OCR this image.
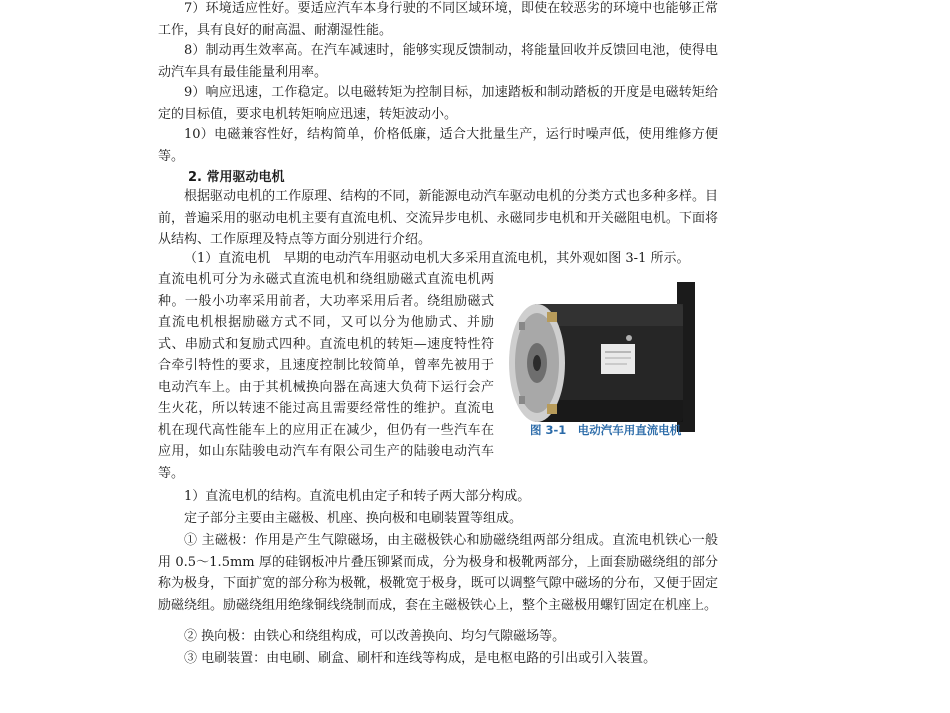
7）环境适应性好。要适应汽车本身行驶的不同区域环境，即使在较恶劣的环境中也能够正常工作，具有良好的耐高温、耐潮湿性能。

8）制动再生效率高。在汽车减速时，能够实现反馈制动，将能量回收并反馈回电池，使得电动汽车具有最佳能量利用率。

9）响应迅速，工作稳定。以电磁转矩为控制目标，加速踏板和制动踏板的开度是电磁转矩给定的目标值，要求电机转矩响应迅速，转矩波动小。

10）电磁兼容性好，结构简单，价格低廉，适合大批量生产，运行时噪声低，使用维修方便等。

2. 常用驱动电机

根据驱动电机的工作原理、结构的不同，新能源电动汽车驱动电机的分类方式也多种多样。目前，普遍采用的驱动电机主要有直流电机、交流异步电机、永磁同步电机和开关磁阻电机。下面将从结构、工作原理及特点等方面分别进行介绍。

（1）直流电机　早期的电动汽车用驱动电机大多采用直流电机，其外观如图 3-1 所示。

直流电机可分为永磁式直流电机和绕组励磁式直流电机两种。一般小功率采用前者，大功率采用后者。绕组励磁式直流电机根据励磁方式不同，又可以分为他励式、并励式、串励式和复励式四种。直流电机的转矩—速度特性符合牵引特性的要求，且速度控制比较简单，曾率先被用于电动汽车上。由于其机械换向器在高速大负荷下运行会产生火花，所以转速不能过高且需要经常性的维护。直流电机在现代高性能车上的应用正在减少，但仍有一些汽车在应用，如山东陆骏电动汽车有限公司生产的陆骏电动汽车等。

图 3-1　电动汽车用直流电机

1）直流电机的结构。直流电机由定子和转子两大部分构成。

定子部分主要由主磁极、机座、换向极和电刷装置等组成。

① 主磁极：作用是产生气隙磁场，由主磁极铁心和励磁绕组两部分组成。直流电机铁心一般用 0.5～1.5mm 厚的硅钢板冲片叠压铆紧而成，分为极身和极靴两部分，上面套励磁绕组的部分称为极身，下面扩宽的部分称为极靴，极靴宽于极身，既可以调整气隙中磁场的分布，又便于固定励磁绕组。励磁绕组用绝缘铜线绕制而成，套在主磁极铁心上，整个主磁极用螺钉固定在机座上。

② 换向极：由铁心和绕组构成，可以改善换向、均匀气隙磁场等。

③ 电刷装置：由电刷、刷盒、刷杆和连线等构成，是电枢电路的引出或引入装置。
